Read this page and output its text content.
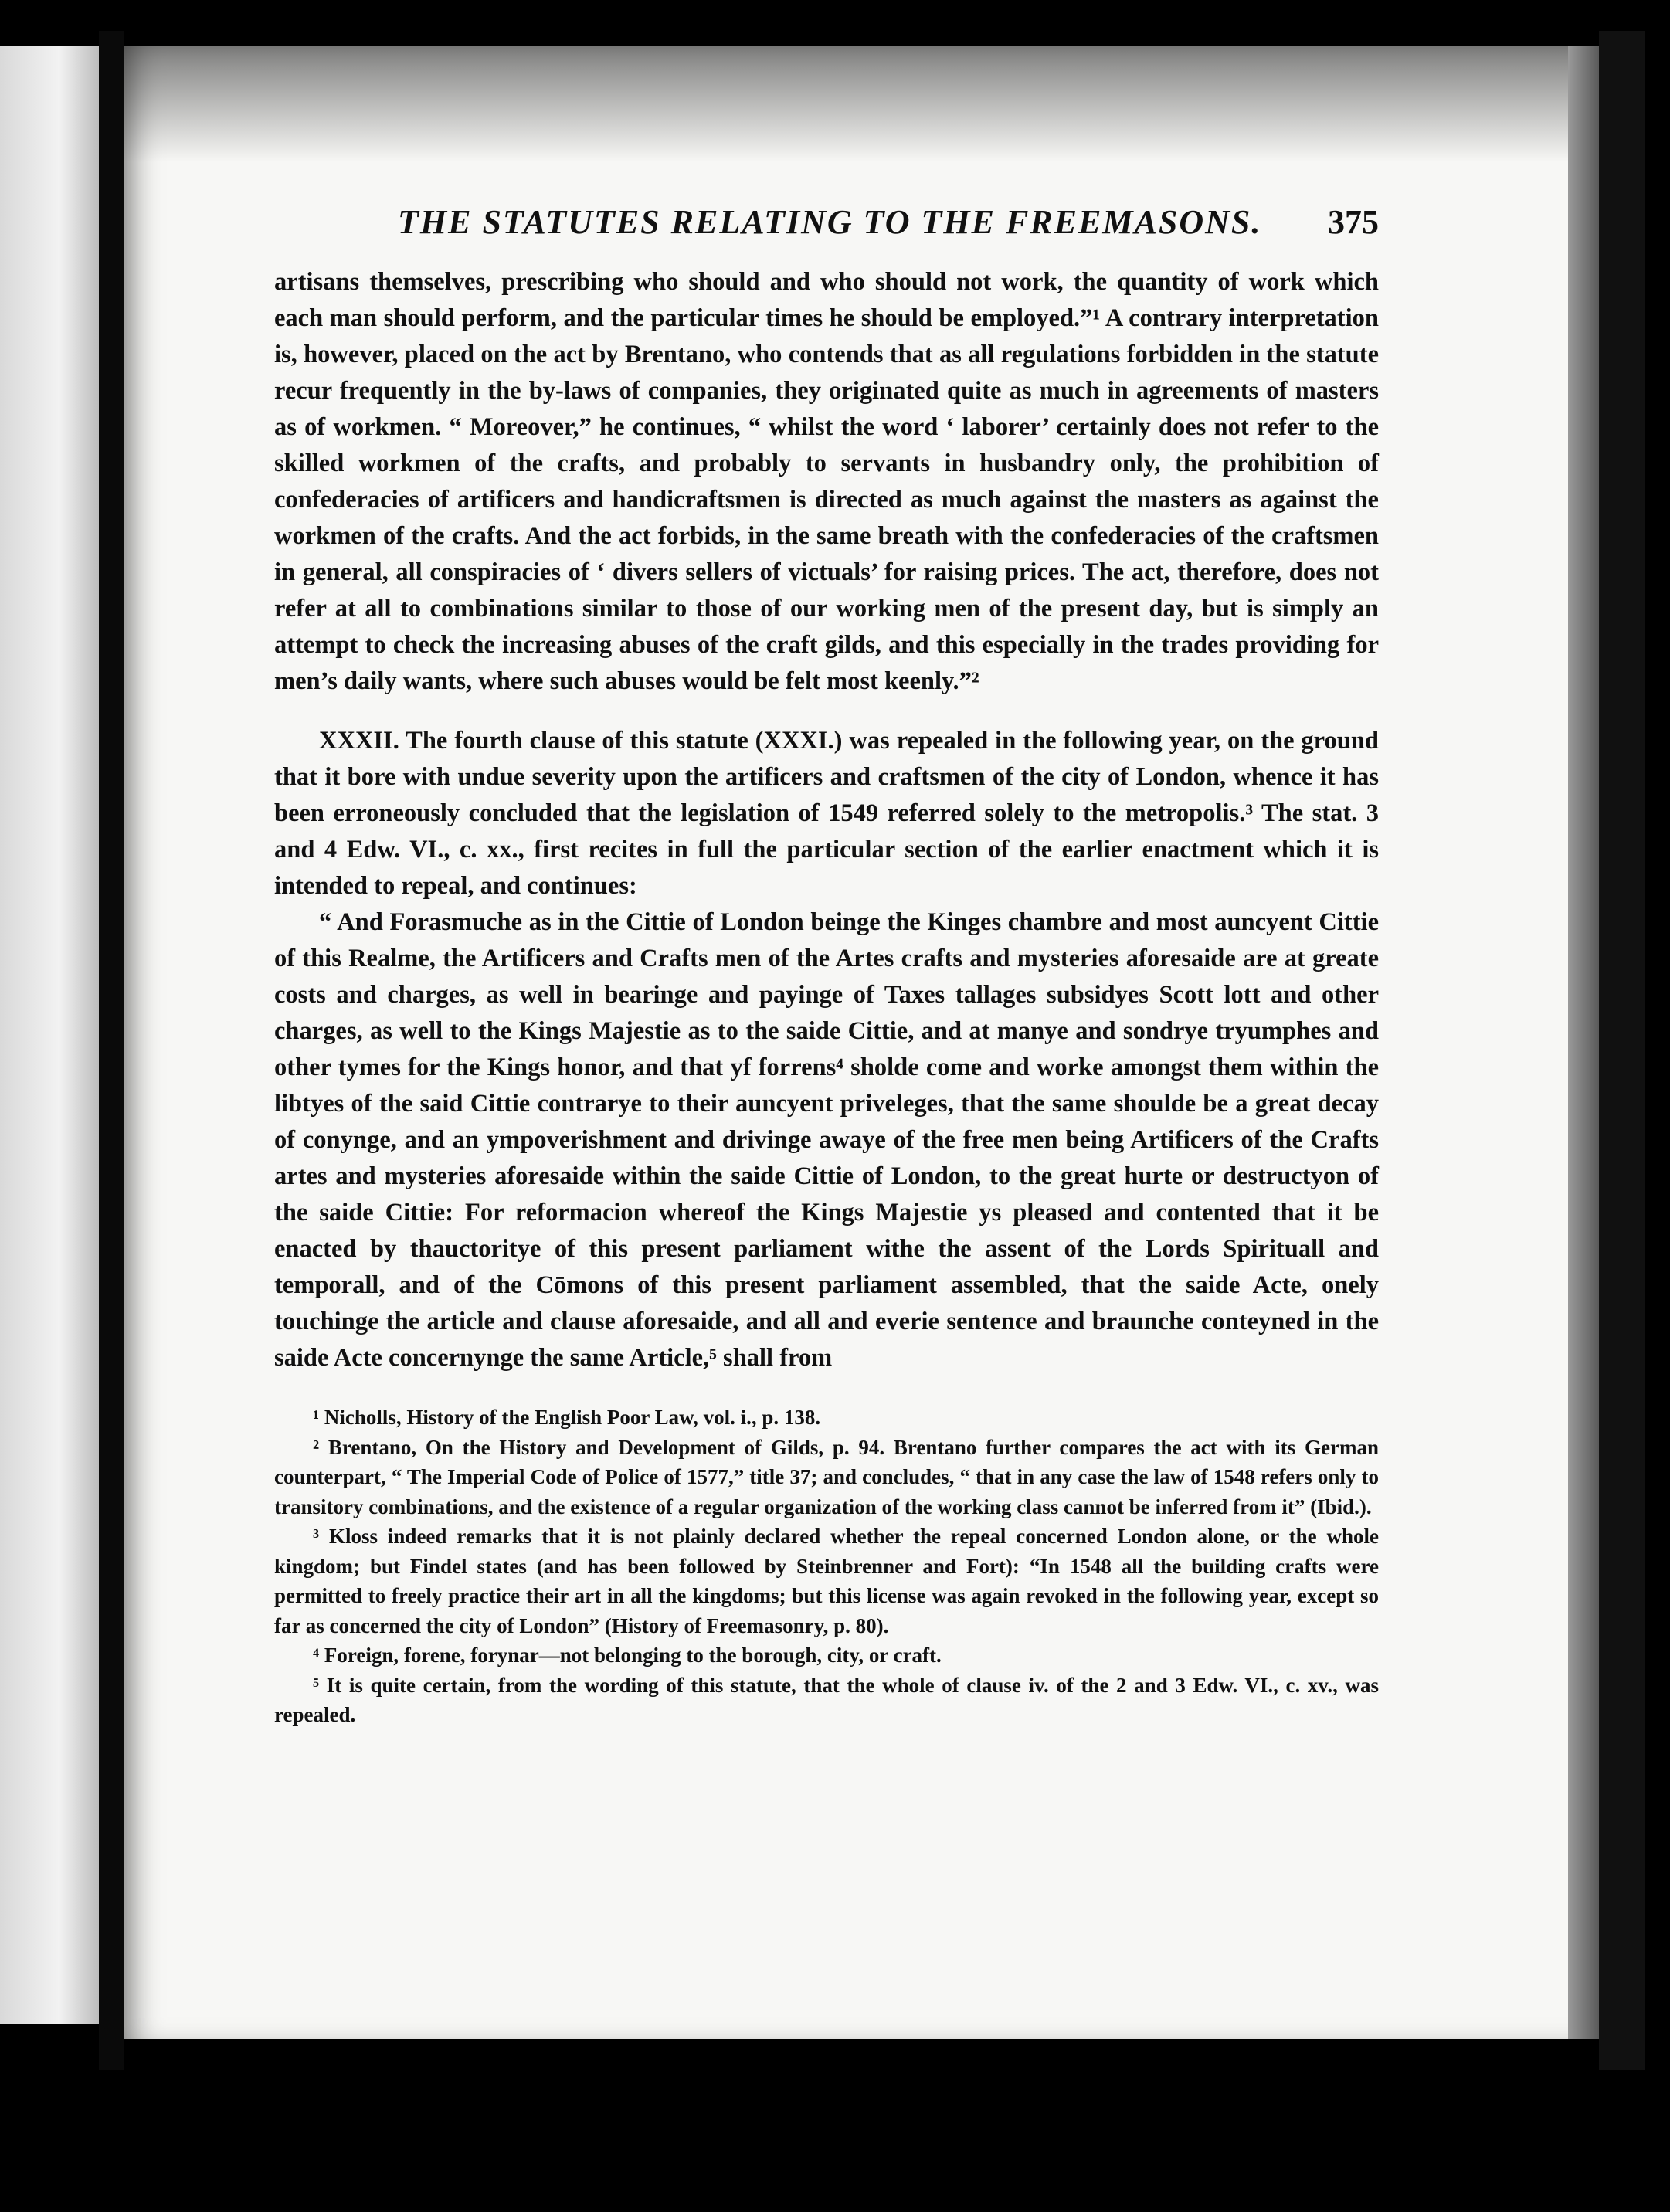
THE STATUTES RELATING TO THE FREEMASONS. 375

artisans themselves, prescribing who should and who should not work, the quantity of work which each man should perform, and the particular times he should be employed.”¹ A contrary interpretation is, however, placed on the act by Brentano, who contends that as all regulations forbidden in the statute recur frequently in the by-laws of companies, they originated quite as much in agreements of masters as of workmen. “ Moreover,” he continues, “ whilst the word ‘ laborer’ certainly does not refer to the skilled workmen of the crafts, and probably to servants in husbandry only, the prohibition of confederacies of artificers and handicraftsmen is directed as much against the masters as against the workmen of the crafts. And the act forbids, in the same breath with the confederacies of the craftsmen in general, all conspiracies of ‘ divers sellers of victuals’ for raising prices. The act, therefore, does not refer at all to combinations similar to those of our working men of the present day, but is simply an attempt to check the increasing abuses of the craft gilds, and this especially in the trades providing for men’s daily wants, where such abuses would be felt most keenly.”²

XXXII. The fourth clause of this statute (XXXI.) was repealed in the following year, on the ground that it bore with undue severity upon the artificers and craftsmen of the city of London, whence it has been erroneously concluded that the legislation of 1549 referred solely to the metropolis.³ The stat. 3 and 4 Edw. VI., c. xx., first recites in full the particular section of the earlier enactment which it is intended to repeal, and continues:

“ And Forasmuche as in the Cittie of London beinge the Kinges chambre and most auncyent Cittie of this Realme, the Artificers and Crafts men of the Artes crafts and mysteries aforesaide are at greate costs and charges, as well in bearinge and payinge of Taxes tallages subsidyes Scott lott and other charges, as well to the Kings Majestie as to the saide Cittie, and at manye and sondrye tryumphes and other tymes for the Kings honor, and that yf forrens⁴ sholde come and worke amongst them within the libtyes of the said Cittie contrarye to their auncyent priveleges, that the same shoulde be a great decay of conynge, and an ympoverishment and drivinge awaye of the free men being Artificers of the Crafts artes and mysteries aforesaide within the saide Cittie of London, to the great hurte or destructyon of the saide Cittie: For reformacion whereof the Kings Majestie ys pleased and contented that it be enacted by thauctoritye of this present parliament withe the assent of the Lords Spirituall and temporall, and of the Cōmons of this present parliament assembled, that the saide Acte, onely touchinge the article and clause aforesaide, and all and everie sentence and braunche conteyned in the saide Acte concernynge the same Article,⁵ shall from

¹ Nicholls, History of the English Poor Law, vol. i., p. 138.

² Brentano, On the History and Development of Gilds, p. 94. Brentano further compares the act with its German counterpart, “ The Imperial Code of Police of 1577,” title 37; and concludes, “ that in any case the law of 1548 refers only to transitory combinations, and the existence of a regular organization of the working class cannot be inferred from it” (Ibid.).

³ Kloss indeed remarks that it is not plainly declared whether the repeal concerned London alone, or the whole kingdom; but Findel states (and has been followed by Steinbrenner and Fort): “In 1548 all the building crafts were permitted to freely practice their art in all the kingdoms; but this license was again revoked in the following year, except so far as concerned the city of London” (History of Freemasonry, p. 80).

⁴ Foreign, forene, forynar—not belonging to the borough, city, or craft.

⁵ It is quite certain, from the wording of this statute, that the whole of clause iv. of the 2 and 3 Edw. VI., c. xv., was repealed.
